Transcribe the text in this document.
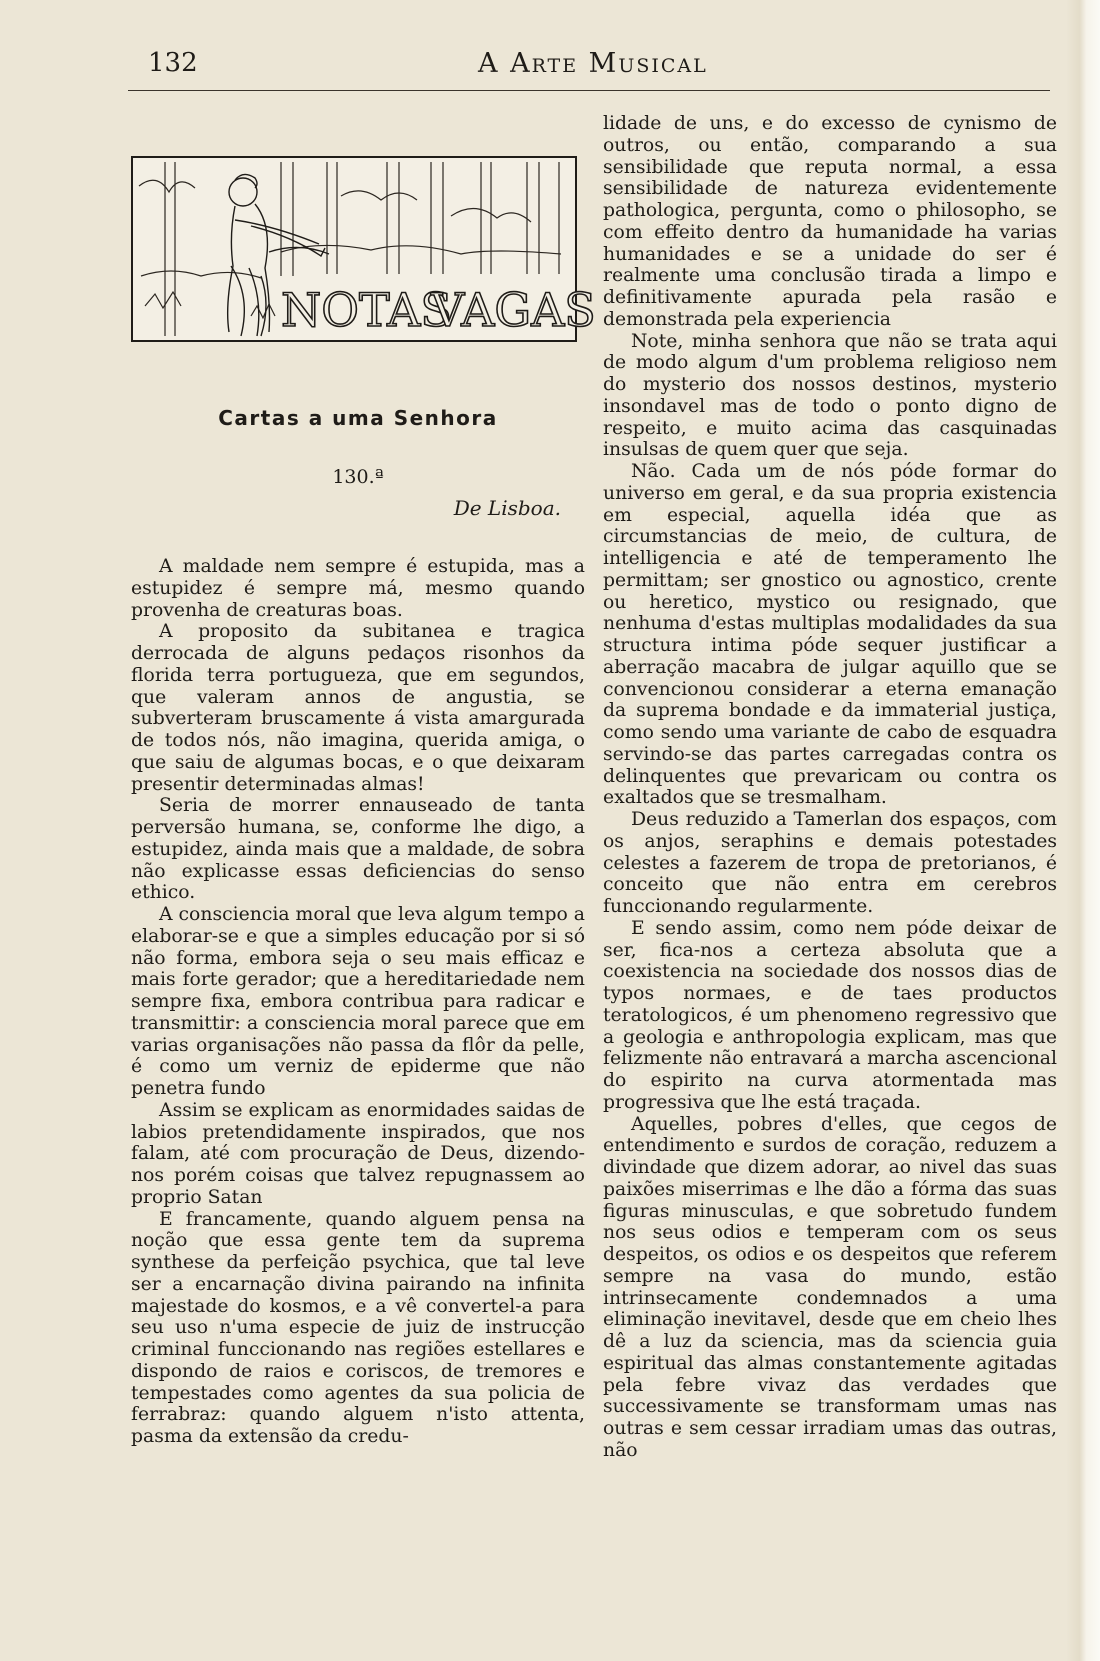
132	A Arte Musical
NOTAS
VAGAS
Cartas a uma Senhora
130.ª
De Lisboa.

A maldade nem sempre é estupida, mas a estupidez é sempre má, mesmo quando provenha de creaturas boas.

A proposito da subitanea e tragica derrocada de alguns pedaços risonhos da florida terra portugueza, que em segundos, que valeram annos de angustia, se subverteram bruscamente á vista amargurada de todos nós, não imagina, querida amiga, o que saiu de algumas bocas, e o que deixaram presentir determinadas almas!

Seria de morrer ennauseado de tanta perversão humana, se, conforme lhe digo, a estupidez, ainda mais que a maldade, de sobra não explicasse essas deficiencias do senso ethico.

A consciencia moral que leva algum tempo a elaborar-se e que a simples educação por si só não forma, embora seja o seu mais efficaz e mais forte gerador; que a hereditariedade nem sempre fixa, embora contribua para radicar e transmittir: a consciencia moral parece que em varias organisações não passa da flôr da pelle, é como um verniz de epiderme que não penetra fundo

Assim se explicam as enormidades saidas de labios pretendidamente inspirados, que nos falam, até com procuração de Deus, dizendo-nos porém coisas que talvez repugnassem ao proprio Satan

E francamente, quando alguem pensa na noção que essa gente tem da suprema synthese da perfeição psychica, que tal leve ser a encarnação divina pairando na infinita majestade do kosmos, e a vê convertel-a para seu uso n'uma especie de juiz de instrucção criminal funccionando nas regiões estellares e dispondo de raios e coriscos, de tremores e tempestades como agentes da sua policia de ferrabraz: quando alguem n'isto attenta, pasma da extensão da credu-

lidade de uns, e do excesso de cynismo de outros, ou então, comparando a sua sensibilidade que reputa normal, a essa sensibilidade de natureza evidentemente pathologica, pergunta, como o philosopho, se com effeito dentro da humanidade ha varias humanidades e se a unidade do ser é realmente uma conclusão tirada a limpo e definitivamente apurada pela rasão e demonstrada pela experiencia

Note, minha senhora que não se trata aqui de modo algum d'um problema religioso nem do mysterio dos nossos destinos, mysterio insondavel mas de todo o ponto digno de respeito, e muito acima das casquinadas insulsas de quem quer que seja.

Não. Cada um de nós póde formar do universo em geral, e da sua propria existencia em especial, aquella idéa que as circumstancias de meio, de cultura, de intelligencia e até de temperamento lhe permittam; ser gnostico ou agnostico, crente ou heretico, mystico ou resignado, que nenhuma d'estas multiplas modalidades da sua structura intima póde sequer justificar a aberração macabra de julgar aquillo que se convencionou considerar a eterna emanação da suprema bondade e da immaterial justiça, como sendo uma variante de cabo de esquadra servindo-se das partes carregadas contra os delinquentes que prevaricam ou contra os exaltados que se tresmalham.

Deus reduzido a Tamerlan dos espaços, com os anjos, seraphins e demais potestades celestes a fazerem de tropa de pretorianos, é conceito que não entra em cerebros funccionando regularmente.

E sendo assim, como nem póde deixar de ser, fica-nos a certeza absoluta que a coexistencia na sociedade dos nossos dias de typos normaes, e de taes productos teratologicos, é um phenomeno regressivo que a geologia e anthropologia explicam, mas que felizmente não entravará a marcha ascencional do espirito na curva atormentada mas progressiva que lhe está traçada.

Aquelles, pobres d'elles, que cegos de entendimento e surdos de coração, reduzem a divindade que dizem adorar, ao nivel das suas paixões miserrimas e lhe dão a fórma das suas figuras minusculas, e que sobretudo fundem nos seus odios e temperam com os seus despeitos, os odios e os despeitos que referem sempre na vasa do mundo, estão intrinsecamente condemnados a uma eliminação inevitavel, desde que em cheio lhes dê a luz da sciencia, mas da sciencia guia espiritual das almas constantemente agitadas pela febre vivaz das verdades que successivamente se transformam umas nas outras e sem cessar irradiam umas das outras, não
